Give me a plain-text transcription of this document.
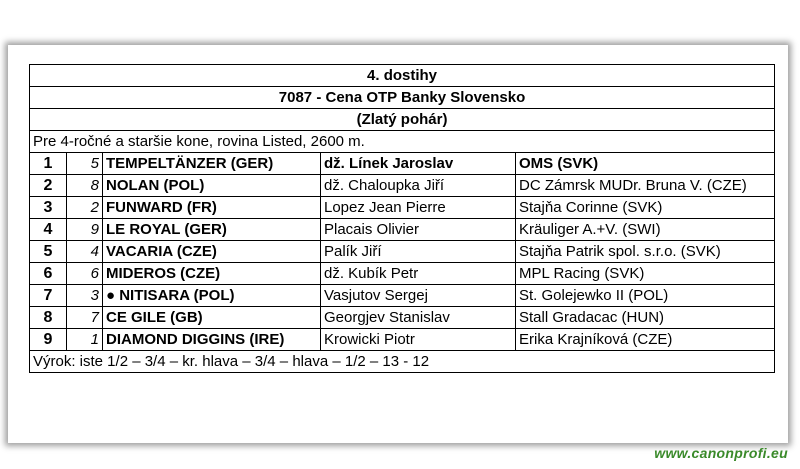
4. dostihy				
7087 - Cena OTP Banky Slovensko				
(Zlatý pohár)				
Pre 4-ročné a staršie kone, rovina Listed, 2600 m.				
1	5	TEMPELTÄNZER (GER)	dž. Línek Jaroslav	OMS (SVK)
2	8	NOLAN (POL)	dž. Chaloupka Jiří	DC Zámrsk MUDr. Bruna V. (CZE)
3	2	FUNWARD (FR)	Lopez Jean Pierre	Stajňa Corinne (SVK)
4	9	LE ROYAL (GER)	Placais Olivier	Kräuliger A.+V. (SWI)
5	4	VACARIA (CZE)	Palík Jiří	Stajňa Patrik spol. s.r.o. (SVK)
6	6	MIDEROS (CZE)	dž. Kubík Petr	MPL Racing (SVK)
7	3	● NITISARA (POL)	Vasjutov Sergej	St. Golejewko II (POL)
8	7	CE GILE (GB)	Georgjev Stanislav	Stall Gradacac (HUN)
9	1	DIAMOND DIGGINS (IRE)	Krowicki Piotr	Erika Krajníková (CZE)
Výrok: iste 1/2 – 3/4 – kr. hlava – 3/4 – hlava – 1/2 – 13 - 12				
www.canonprofi.eu
